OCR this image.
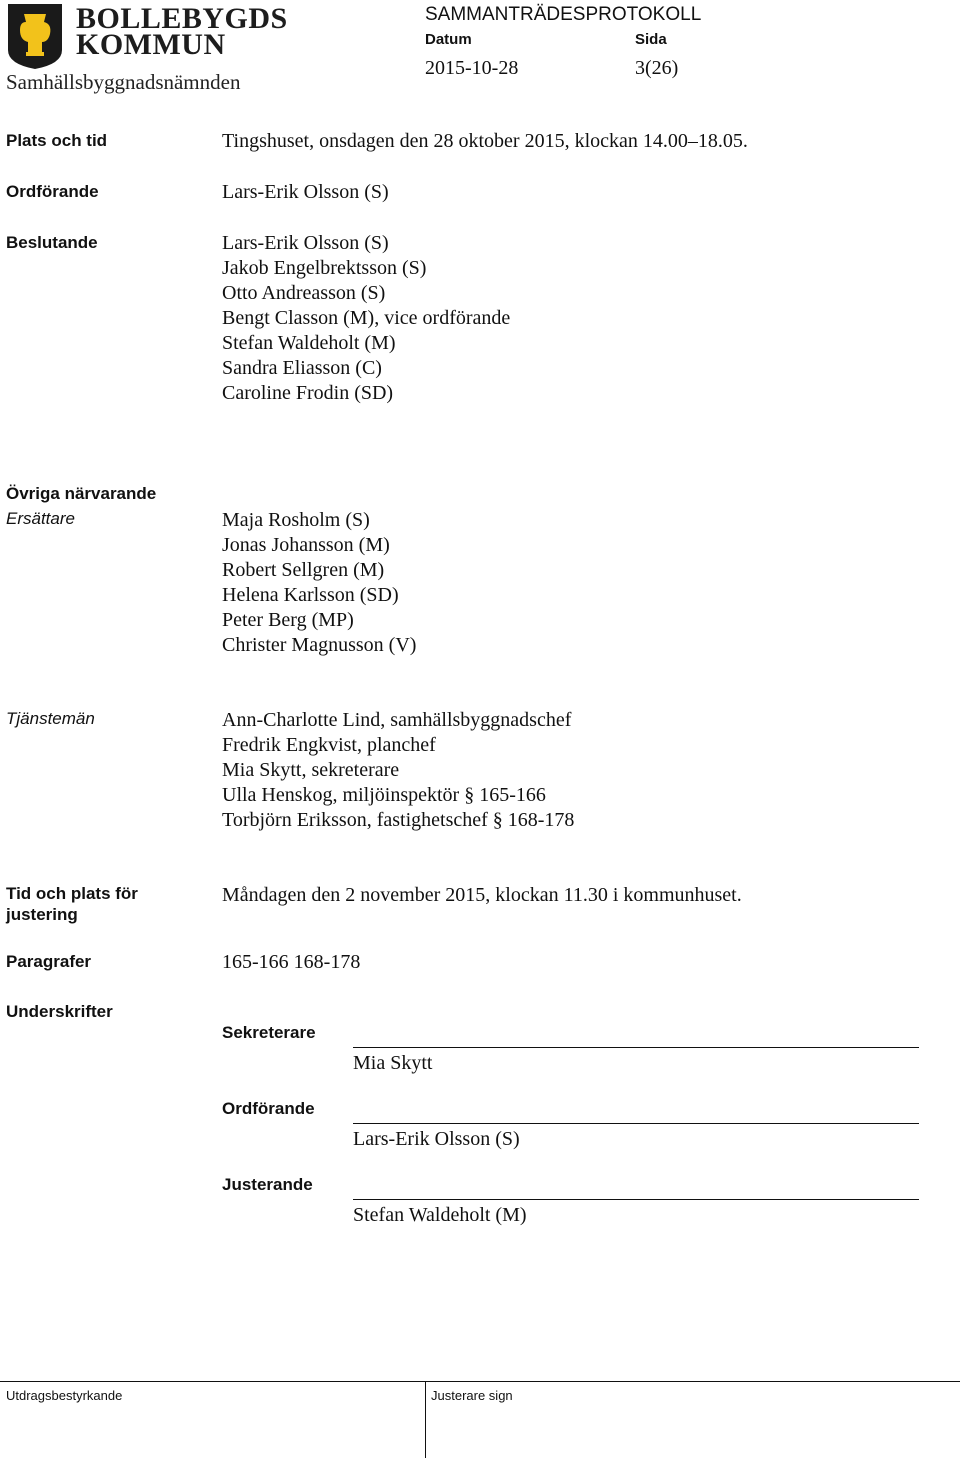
BOLLEBYGDS
KOMMUN
Samhällsbyggnadsnämnden
SAMMANTRÄDESPROTOKOLL
Datum	Sida
2015-10-28	3(26)
Plats och tid	Tingshuset, onsdagen den 28 oktober 2015, klockan 14.00–18.05.
Ordförande	Lars-Erik Olsson (S)
Beslutande	Lars-Erik Olsson (S)
Jakob Engelbrektsson (S)
Otto Andreasson (S)
Bengt Classon (M), vice ordförande
Stefan Waldeholt (M)
Sandra Eliasson (C)
Caroline Frodin (SD)
Övriga närvarande
Ersättare	Maja Rosholm (S)
Jonas Johansson (M)
Robert Sellgren (M)
Helena Karlsson (SD)
Peter Berg (MP)
Christer Magnusson (V)
Tjänstemän	Ann-Charlotte Lind, samhällsbyggnadschef
Fredrik Engkvist, planchef
Mia Skytt, sekreterare
Ulla Henskog, miljöinspektör § 165-166
Torbjörn Eriksson, fastighetschef § 168-178
Tid och plats för
justering
Måndagen den 2 november 2015, klockan 11.30 i kommunhuset.
Paragrafer	165-166 168-178
Underskrifter
Sekreterare
Mia Skytt
Ordförande
Lars-Erik Olsson (S)
Justerande
Stefan Waldeholt (M)
Utdragsbestyrkande	Justerare sign
